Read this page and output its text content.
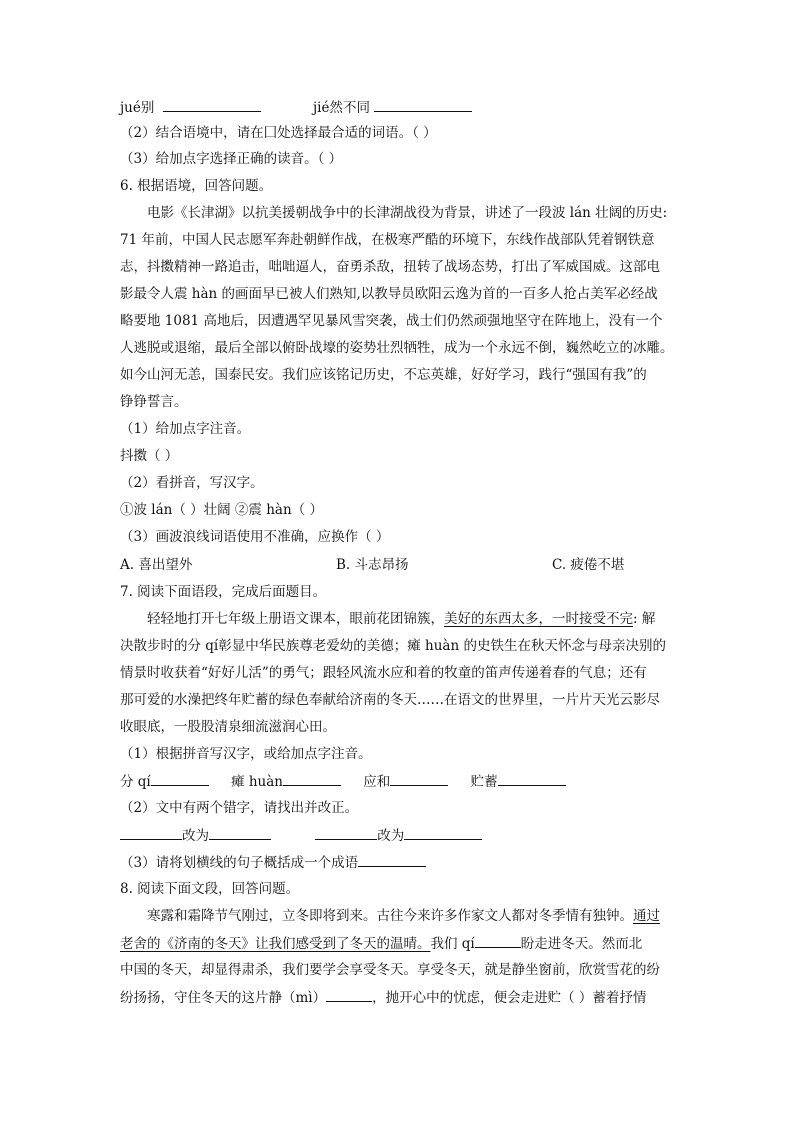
jué别	jié然不同
（2）结合语境中，请在囗处选择最合适的词语。（ ）
（3）给加点字选择正确的读音。（ ）
6. 根据语境，回答问题。
电影《长津湖》以抗美援朝战争中的长津湖战役为背景，讲述了一段波 lán 壮阔的历史:
71 年前，中国人民志愿军奔赴朝鲜作战，在极寒严酷的环境下，东线作战部队凭着钢铁意
志，抖擞精神一路追击，咄咄逼人，奋勇杀敌，扭转了战场态势，打出了军威国威。这部电
影最令人震 hàn 的画面早已被人们熟知,以教导员欧阳云逸为首的一百多人抢占美军必经战
略要地 1081 高地后，因遭遇罕见暴风雪突袭，战士们仍然顽强地坚守在阵地上，没有一个
人逃脱或退缩，最后全部以俯卧战壕的姿势壮烈牺牲，成为一个永远不倒，巍然屹立的冰雕。
如今山河无恙，国泰民安。我们应该铭记历史，不忘英雄，好好学习，践行“强国有我”的
铮铮誓言。
（1）给加点字注音。
抖擞（ ）
（2）看拼音，写汉字。
①波 lán（ ）壮阔 ②震 hàn（ ）
（3）画波浪线词语使用不准确，应换作（ ）
A. 喜出望外	B. 斗志昂扬	C. 疲倦不堪
7. 阅读下面语段，完成后面题目。
轻轻地打开七年级上册语文课本，眼前花团锦簇，美好的东西太多，一时接受不完: 解
决散步时的分 qí彰显中华民族尊老爱幼的美德；瘫 huàn 的史铁生在秋天怀念与母亲决别的
情景时收获着“好好儿活”的勇气；跟轻风流水应和着的牧童的笛声传递着春的气息；还有
那可爱的水澡把终年贮蓄的绿色奉献给济南的冬天……在语文的世界里，一片片天光云影尽
收眼底，一股股清泉细流滋润心田。
（1）根据拼音写汉字，或给加点字注音。
分 qí	瘫 huàn	应和	贮蓄
（2）文中有两个错字，请找出并改正。
改为	改为
（3）请将划横线的句子概括成一个成语
8. 阅读下面文段，回答问题。
寒露和霜降节气刚过，立冬即将到来。古往今来许多作家文人都对冬季情有独钟。通过
老舍的《济南的冬天》让我们感受到了冬天的温晴。我们 qí	盼走进冬天。然而北
中国的冬天，却显得肃杀，我们要学会享受冬天。享受冬天，就是静坐窗前，欣赏雪花的纷
纷扬扬，守住冬天的这片静（mì）	，抛开心中的忧虑，便会走进贮（ ）蓄着抒情
